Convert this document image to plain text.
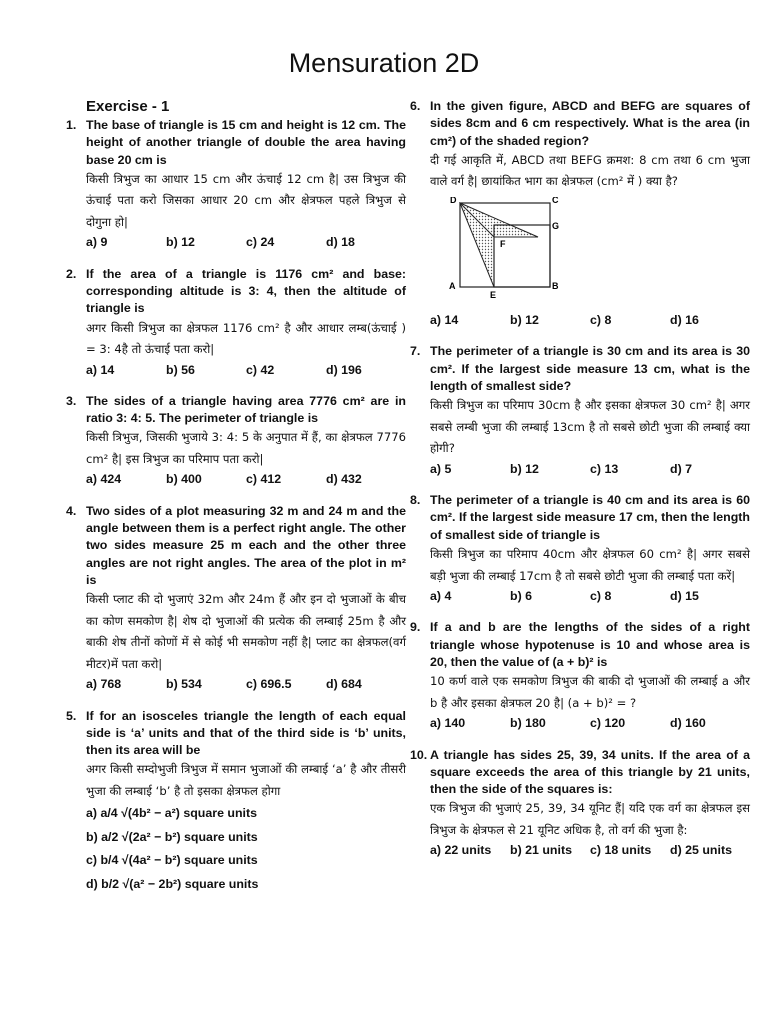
Mensuration 2D
Exercise - 1
1. The base of triangle is 15 cm and height is 12 cm. The height of another triangle of double the area having base 20 cm is
किसी त्रिभुज का आधार 15 cm और ऊंचाई 12 cm है| उस त्रिभुज की ऊंचाई पता करो जिसका आधार 20 cm और क्षेत्रफल पहले त्रिभुज से दोगुना हो|
a) 9	b) 12	c) 24	d) 18
2. If the area of a triangle is 1176 cm² and base: corresponding altitude is 3: 4, then the altitude of triangle is
अगर किसी त्रिभुज का क्षेत्रफल 1176 cm² है और आधार लम्ब(ऊंचाई ) = 3: 4है तो ऊंचाई पता करो|
a) 14	b) 56	c) 42	d) 196
3. The sides of a triangle having area 7776 cm² are in ratio 3: 4: 5. The perimeter of triangle is
किसी त्रिभुज, जिसकी भुजाये 3: 4: 5 के अनुपात में हैं, का क्षेत्रफल 7776 cm² है| इस त्रिभुज का परिमाप पता करो|
a) 424	b) 400	c) 412	d) 432
4. Two sides of a plot measuring 32 m and 24 m and the angle between them is a perfect right angle. The other two sides measure 25 m each and the other three angles are not right angles. The area of the plot in m² is
किसी प्लाट की दो भुजाएं 32m और 24m हैं और इन दो भुजाओं के बीच का कोण समकोण है| शेष दो भुजाओं की प्रत्येक की लम्बाई 25m है और बाकी शेष तीनों कोणों में से कोई भी समकोण नहीं है| प्लाट का क्षेत्रफल(वर्ग मीटर)में पता करो|
a) 768	b) 534	c) 696.5	d) 684
5. If for an isosceles triangle the length of each equal side is ‘a’ units and that of the third side is ‘b’ units, then its area will be
अगर किसी सम्दोभुजी त्रिभुज में समान भुजाओं की लम्बाई ‘a’ है और तीसरी भुजा की लम्बाई ‘b’ है तो इसका क्षेत्रफल होगा
a) a/4 √(4b² − a²) square units
b) a/2 √(2a² − b²) square units
c) b/4 √(4a² − b²) square units
d) b/2 √(a² − 2b²) square units
6. In the given figure, ABCD and BEFG are squares of sides 8cm and 6 cm respectively. What is the area (in cm²) of the shaded region?
दी गई आकृति में, ABCD तथा BEFG क्रमश: 8 cm तथा 6 cm भुजा वाले वर्ग है| छायांकित भाग का क्षेत्रफल (cm² में ) क्या है?
D	C
G
F
A
E
B
a) 14	b) 12	c) 8	d) 16
7. The perimeter of a triangle is 30 cm and its area is 30 cm². If the largest side measure 13 cm, what is the length of smallest side?
किसी त्रिभुज का परिमाप 30cm है और इसका क्षेत्रफल 30 cm² है| अगर सबसे लम्बी भुजा की लम्बाई 13cm है तो सबसे छोटी भुजा की लम्बाई क्या होगी?
a) 5	b) 12	c) 13	d) 7
8. The perimeter of a triangle is 40 cm and its area is 60 cm². If the largest side measure 17 cm, then the length of smallest side of triangle is
किसी त्रिभुज का परिमाप 40cm और क्षेत्रफल 60 cm² है| अगर सबसे बड़ी भुजा की लम्बाई 17cm है तो सबसे छोटी भुजा की लम्बाई पता करें|
a) 4	b) 6	c) 8	d) 15
9. If a and b are the lengths of the sides of a right triangle whose hypotenuse is 10 and whose area is 20, then the value of (a + b)² is
10 कर्ण वाले एक समकोण त्रिभुज की बाकी दो भुजाओं की लम्बाई a और b है और इसका क्षेत्रफल 20 है| (a + b)² = ?
a) 140	b) 180	c) 120	d) 160
10. A triangle has sides 25, 39, 34 units. If the area of a square exceeds the area of this triangle by 21 units, then the side of the squares is:
एक त्रिभुज की भुजाएं 25, 39, 34 यूनिट हैं| यदि एक वर्ग का क्षेत्रफल इस त्रिभुज के क्षेत्रफल से 21 यूनिट अधिक है, तो वर्ग की भुजा है:
a) 22 units	b) 21 units	c) 18 units	d) 25 units
